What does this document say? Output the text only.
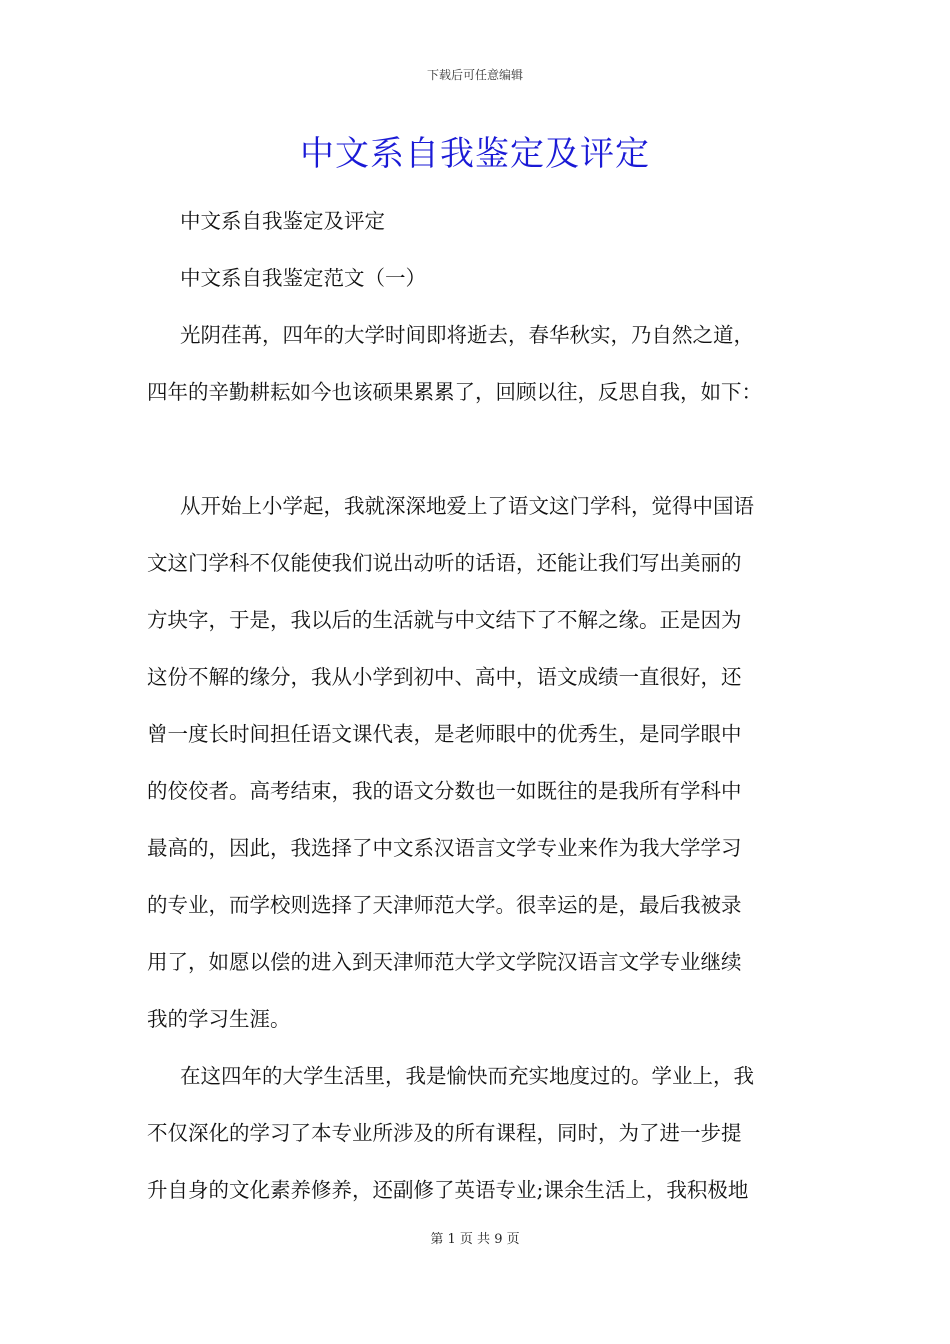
下载后可任意编辑
中文系自我鉴定及评定
中文系自我鉴定及评定
中文系自我鉴定范文（一）
光阴荏苒，四年的大学时间即将逝去，春华秋实，乃自然之道，
四年的辛勤耕耘如今也该硕果累累了，回顾以往，反思自我，如下：
从开始上小学起，我就深深地爱上了语文这门学科，觉得中国语
文这门学科不仅能使我们说出动听的话语，还能让我们写出美丽的
方块字，于是，我以后的生活就与中文结下了不解之缘。正是因为
这份不解的缘分，我从小学到初中、高中，语文成绩一直很好，还
曾一度长时间担任语文课代表，是老师眼中的优秀生，是同学眼中
的佼佼者。高考结束，我的语文分数也一如既往的是我所有学科中
最高的，因此，我选择了中文系汉语言文学专业来作为我大学学习
的专业，而学校则选择了天津师范大学。很幸运的是，最后我被录
用了，如愿以偿的进入到天津师范大学文学院汉语言文学专业继续
我的学习生涯。
在这四年的大学生活里，我是愉快而充实地度过的。学业上，我
不仅深化的学习了本专业所涉及的所有课程，同时，为了进一步提
升自身的文化素养修养，还副修了英语专业;课余生活上，我积极地
第 1 页 共 9 页
